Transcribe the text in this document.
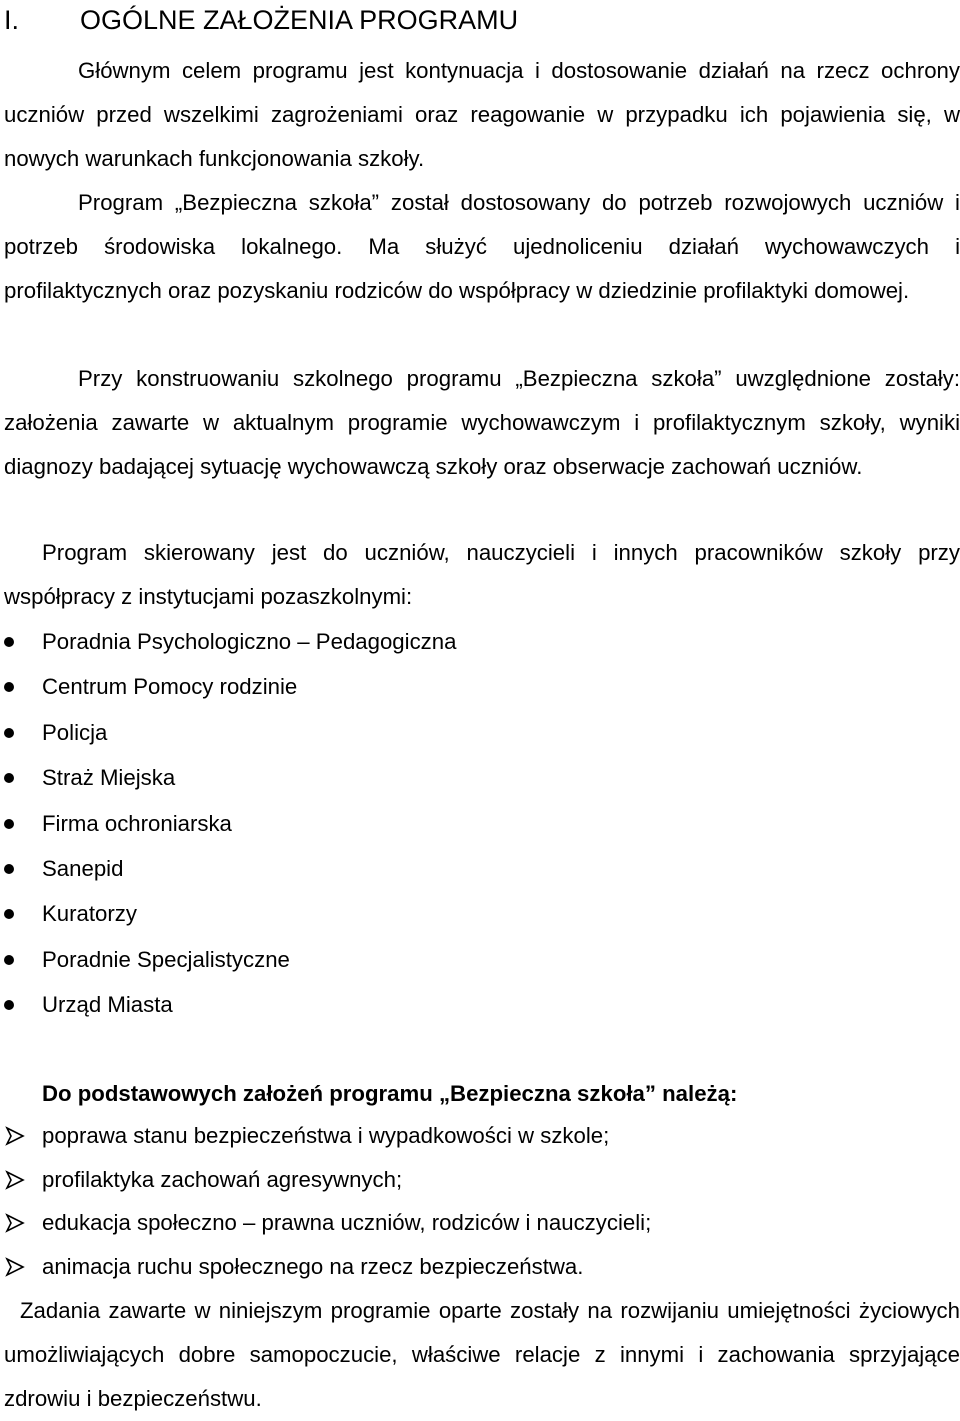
I. OGÓLNE ZAŁOŻENIA PROGRAMU
Głównym celem programu jest kontynuacja i dostosowanie działań na rzecz ochrony uczniów przed wszelkimi zagrożeniami oraz reagowanie w przypadku ich pojawienia się, w nowych warunkach funkcjonowania szkoły.
Program „Bezpieczna szkoła” został dostosowany do potrzeb rozwojowych uczniów i potrzeb środowiska lokalnego. Ma służyć ujednoliceniu działań wychowawczych i profilaktycznych oraz pozyskaniu rodziców do współpracy w dziedzinie profilaktyki domowej.
Przy konstruowaniu szkolnego programu „Bezpieczna szkoła” uwzględnione zostały: założenia zawarte w aktualnym programie wychowawczym i profilaktycznym szkoły, wyniki diagnozy badającej sytuację wychowawczą szkoły oraz obserwacje zachowań uczniów.
Program skierowany jest do uczniów, nauczycieli i innych pracowników szkoły przy współpracy z instytucjami pozaszkolnymi:
Poradnia Psychologiczno – Pedagogiczna
Centrum Pomocy rodzinie
Policja
Straż Miejska
Firma ochroniarska
Sanepid
Kuratorzy
Poradnie Specjalistyczne
Urząd Miasta
Do podstawowych założeń programu „Bezpieczna szkoła” należą:
poprawa stanu bezpieczeństwa i wypadkowości w szkole;
profilaktyka zachowań agresywnych;
edukacja społeczno – prawna uczniów, rodziców i nauczycieli;
animacja ruchu społecznego na rzecz bezpieczeństwa.
Zadania zawarte w niniejszym programie oparte zostały na rozwijaniu umiejętności życiowych umożliwiających dobre samopoczucie, właściwe relacje z innymi i zachowania sprzyjające zdrowiu i bezpieczeństwu.
